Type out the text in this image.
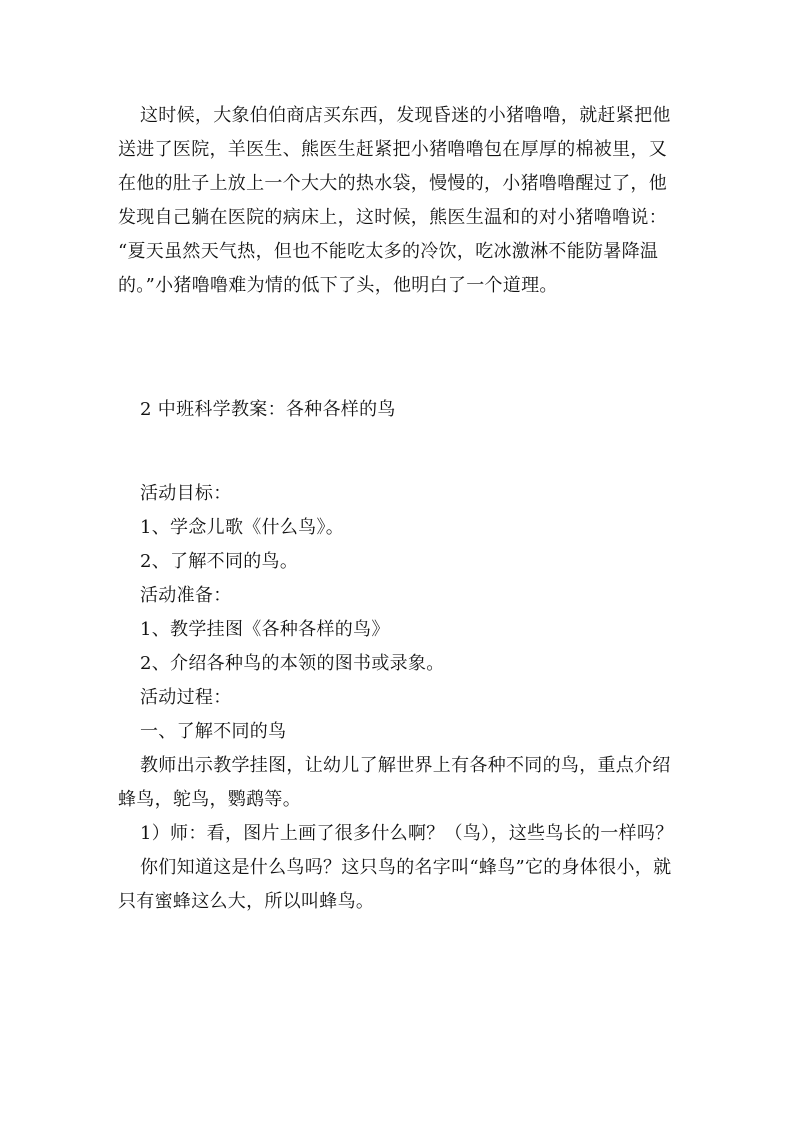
这时候，大象伯伯商店买东西，发现昏迷的小猪噜噜，就赶紧把他
送进了医院，羊医生、熊医生赶紧把小猪噜噜包在厚厚的棉被里，又
在他的肚子上放上一个大大的热水袋，慢慢的，小猪噜噜醒过了，他
发现自己躺在医院的病床上，这时候，熊医生温和的对小猪噜噜说：
“夏天虽然天气热，但也不能吃太多的冷饮，吃冰激淋不能防暑降温
的。”小猪噜噜难为情的低下了头，他明白了一个道理。
2 中班科学教案：各种各样的鸟
活动目标：
1、学念儿歌《什么鸟》。
2、了解不同的鸟。
活动准备：
1、教学挂图《各种各样的鸟》
2、介绍各种鸟的本领的图书或录象。
活动过程：
一、了解不同的鸟
教师出示教学挂图，让幼儿了解世界上有各种不同的鸟，重点介绍
蜂鸟，鸵鸟，鹦鹉等。
1）师：看，图片上画了很多什么啊？（鸟），这些鸟长的一样吗？
你们知道这是什么鸟吗？这只鸟的名字叫“蜂鸟”它的身体很小，就
只有蜜蜂这么大，所以叫蜂鸟。
